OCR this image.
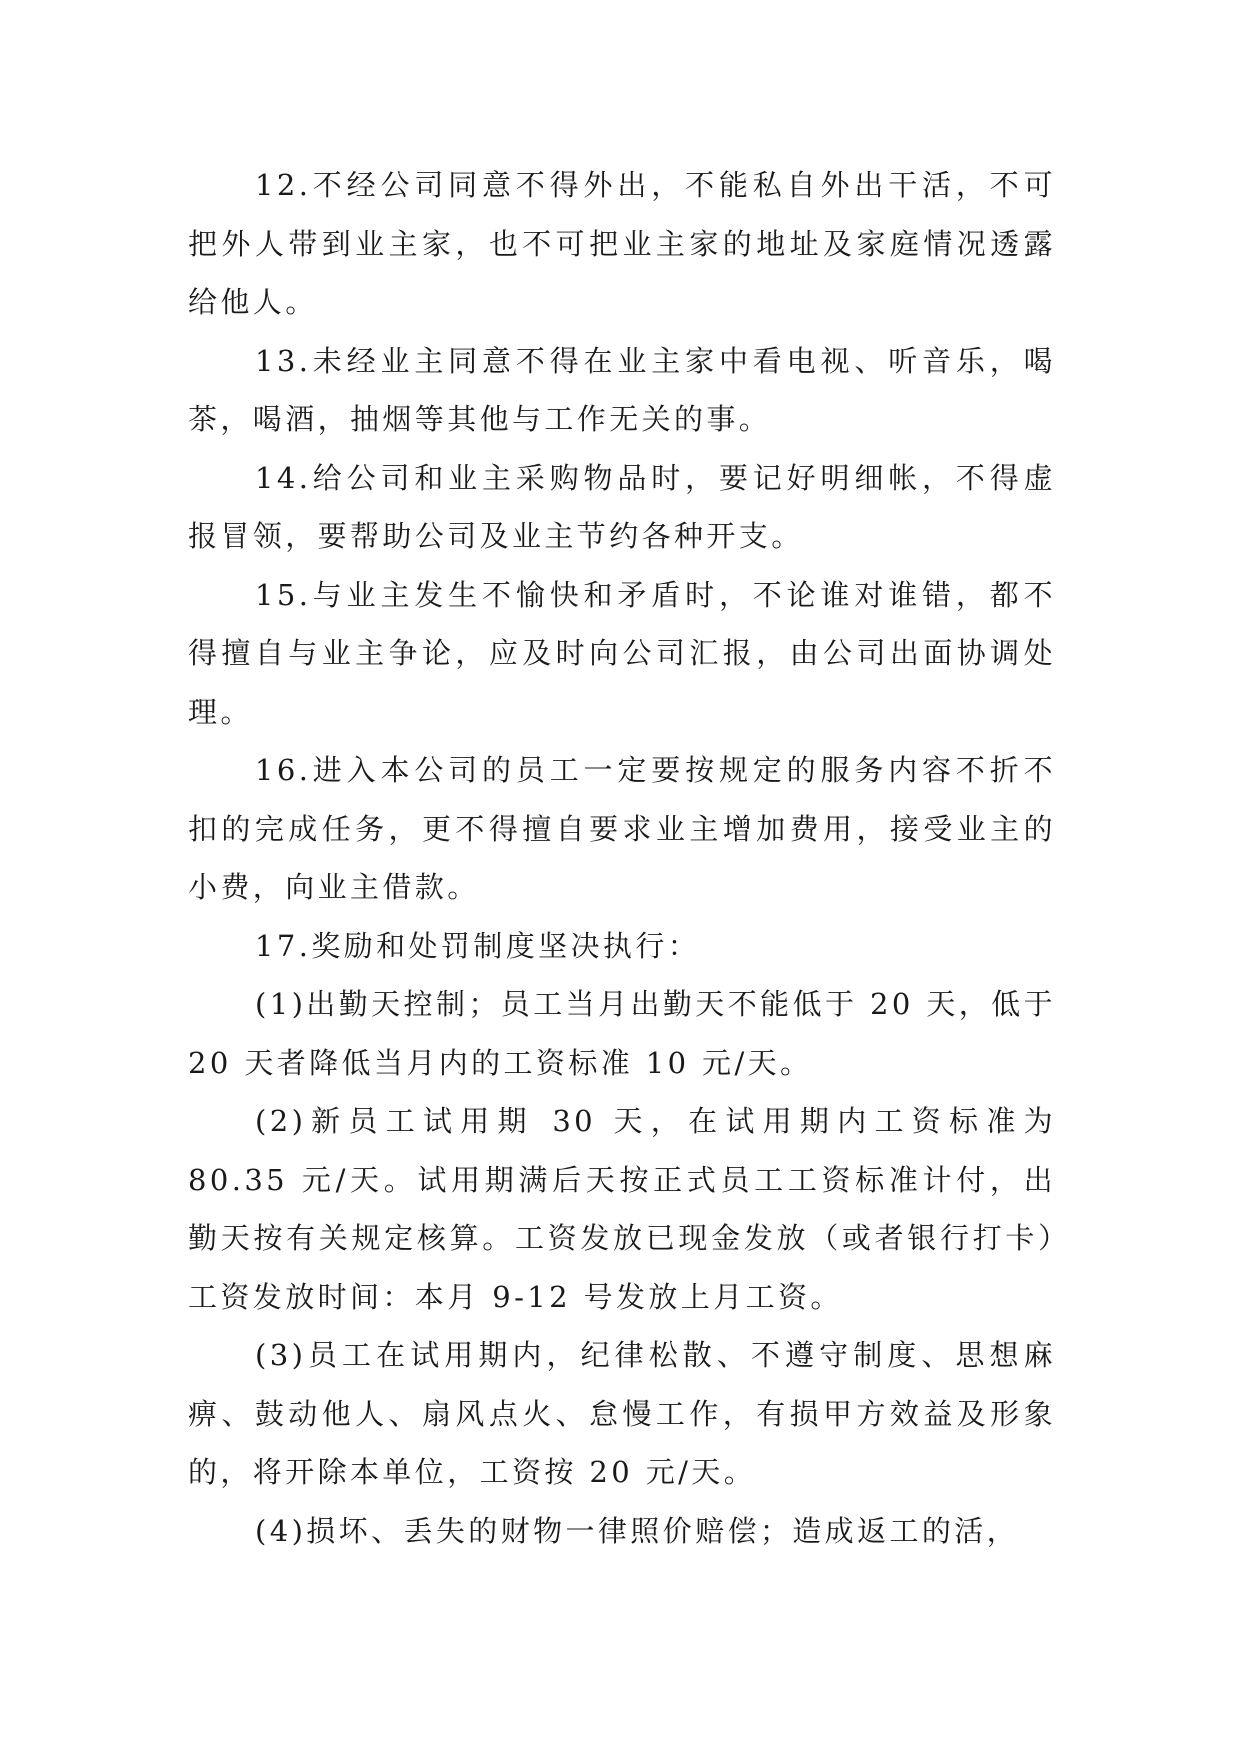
12.不经公司同意不得外出，不能私自外出干活，不可把外人带到业主家，也不可把业主家的地址及家庭情况透露给他人。

13.未经业主同意不得在业主家中看电视、听音乐，喝茶，喝酒，抽烟等其他与工作无关的事。

14.给公司和业主采购物品时，要记好明细帐，不得虚报冒领，要帮助公司及业主节约各种开支。

15.与业主发生不愉快和矛盾时，不论谁对谁错，都不得擅自与业主争论，应及时向公司汇报，由公司出面协调处理。

16.进入本公司的员工一定要按规定的服务内容不折不扣的完成任务，更不得擅自要求业主增加费用，接受业主的小费，向业主借款。

17.奖励和处罚制度坚决执行：

(1)出勤天控制；员工当月出勤天不能低于 20 天，低于 20 天者降低当月内的工资标准 10 元/天。

(2)新员工试用期 30 天，在试用期内工资标准为 80.35 元/天。试用期满后天按正式员工工资标准计付，出勤天按有关规定核算。工资发放已现金发放（或者银行打卡）工资发放时间：本月 9-12 号发放上月工资。

(3)员工在试用期内，纪律松散、不遵守制度、思想麻痹、鼓动他人、扇风点火、怠慢工作，有损甲方效益及形象的，将开除本单位，工资按 20 元/天。

(4)损坏、丢失的财物一律照价赔偿；造成返工的活，
